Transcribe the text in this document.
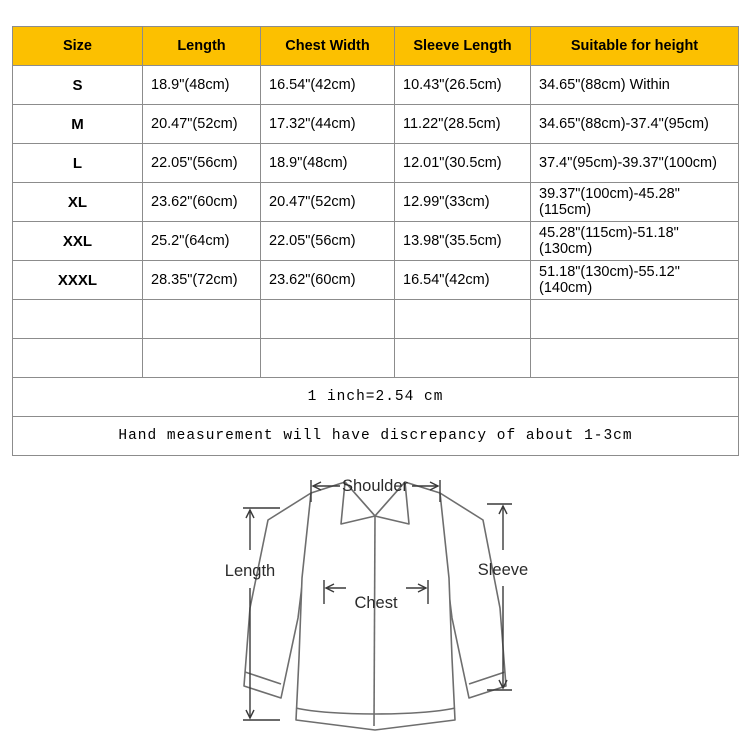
Size	Length	Chest Width	Sleeve Length	Suitable for height
S	18.9"(48cm)	16.54"(42cm)	10.43"(26.5cm)	34.65"(88cm) Within
M	20.47"(52cm)	17.32"(44cm)	11.22"(28.5cm)	34.65"(88cm)-37.4"(95cm)
L	22.05"(56cm)	18.9"(48cm)	12.01"(30.5cm)	37.4"(95cm)-39.37"(100cm)
XL	23.62"(60cm)	20.47"(52cm)	12.99"(33cm)	39.37"(100cm)-45.28"(115cm)
XXL	25.2"(64cm)	22.05"(56cm)	13.98"(35.5cm)	45.28"(115cm)-51.18"(130cm)
XXXL	28.35"(72cm)	23.62"(60cm)	16.54"(42cm)	51.18"(130cm)-55.12"(140cm)

1 inch=2.54 cm				
Hand measurement will have discrepancy of about 1-3cm				
Shoulder
Length	Sleeve
Chest
